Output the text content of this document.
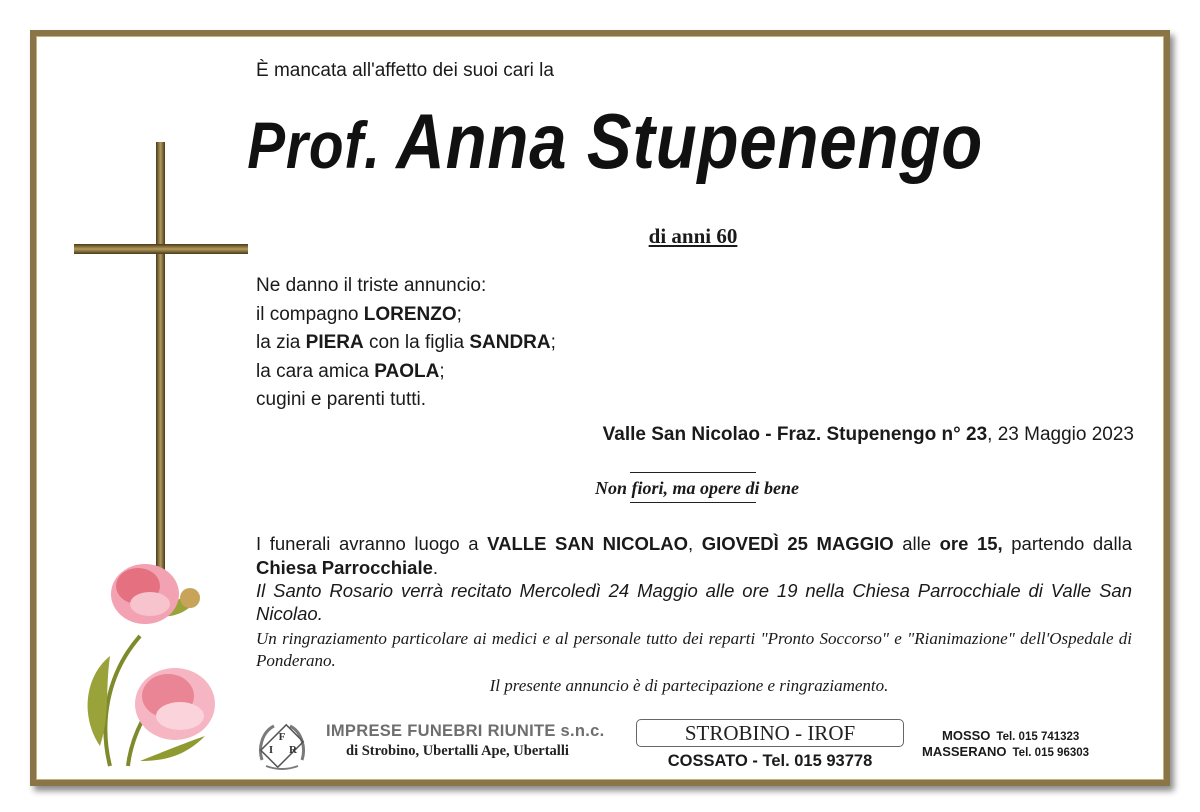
È mancata all'affetto dei suoi cari la
Prof. Anna Stupenengo
di anni 60
Ne danno il triste annuncio:
il compagno LORENZO;
la zia PIERA con la figlia SANDRA;
la cara amica PAOLA;
cugini e parenti tutti.
Valle San Nicolao - Fraz. Stupenengo n° 23, 23 Maggio 2023
Non fiori, ma opere di bene
I funerali avranno luogo a VALLE SAN NICOLAO, GIOVEDÌ 25 MAGGIO alle ore 15, partendo dalla Chiesa Parrocchiale.
Il Santo Rosario verrà recitato Mercoledì 24 Maggio alle ore 19 nella Chiesa Parrocchiale di Valle San Nicolao.
Un ringraziamento particolare ai medici e al personale tutto dei reparti "Pronto Soccorso" e "Rianimazione" dell'Ospedale di Ponderano.
Il presente annuncio è di partecipazione e ringraziamento.
F
I R
IMPRESE FUNEBRI RIUNITE s.n.c.
di Strobino, Ubertalli Ape, Ubertalli
STROBINO - IROF
COSSATO - Tel. 015 93778
MOSSO Tel. 015 741323
MASSERANO Tel. 015 96303
